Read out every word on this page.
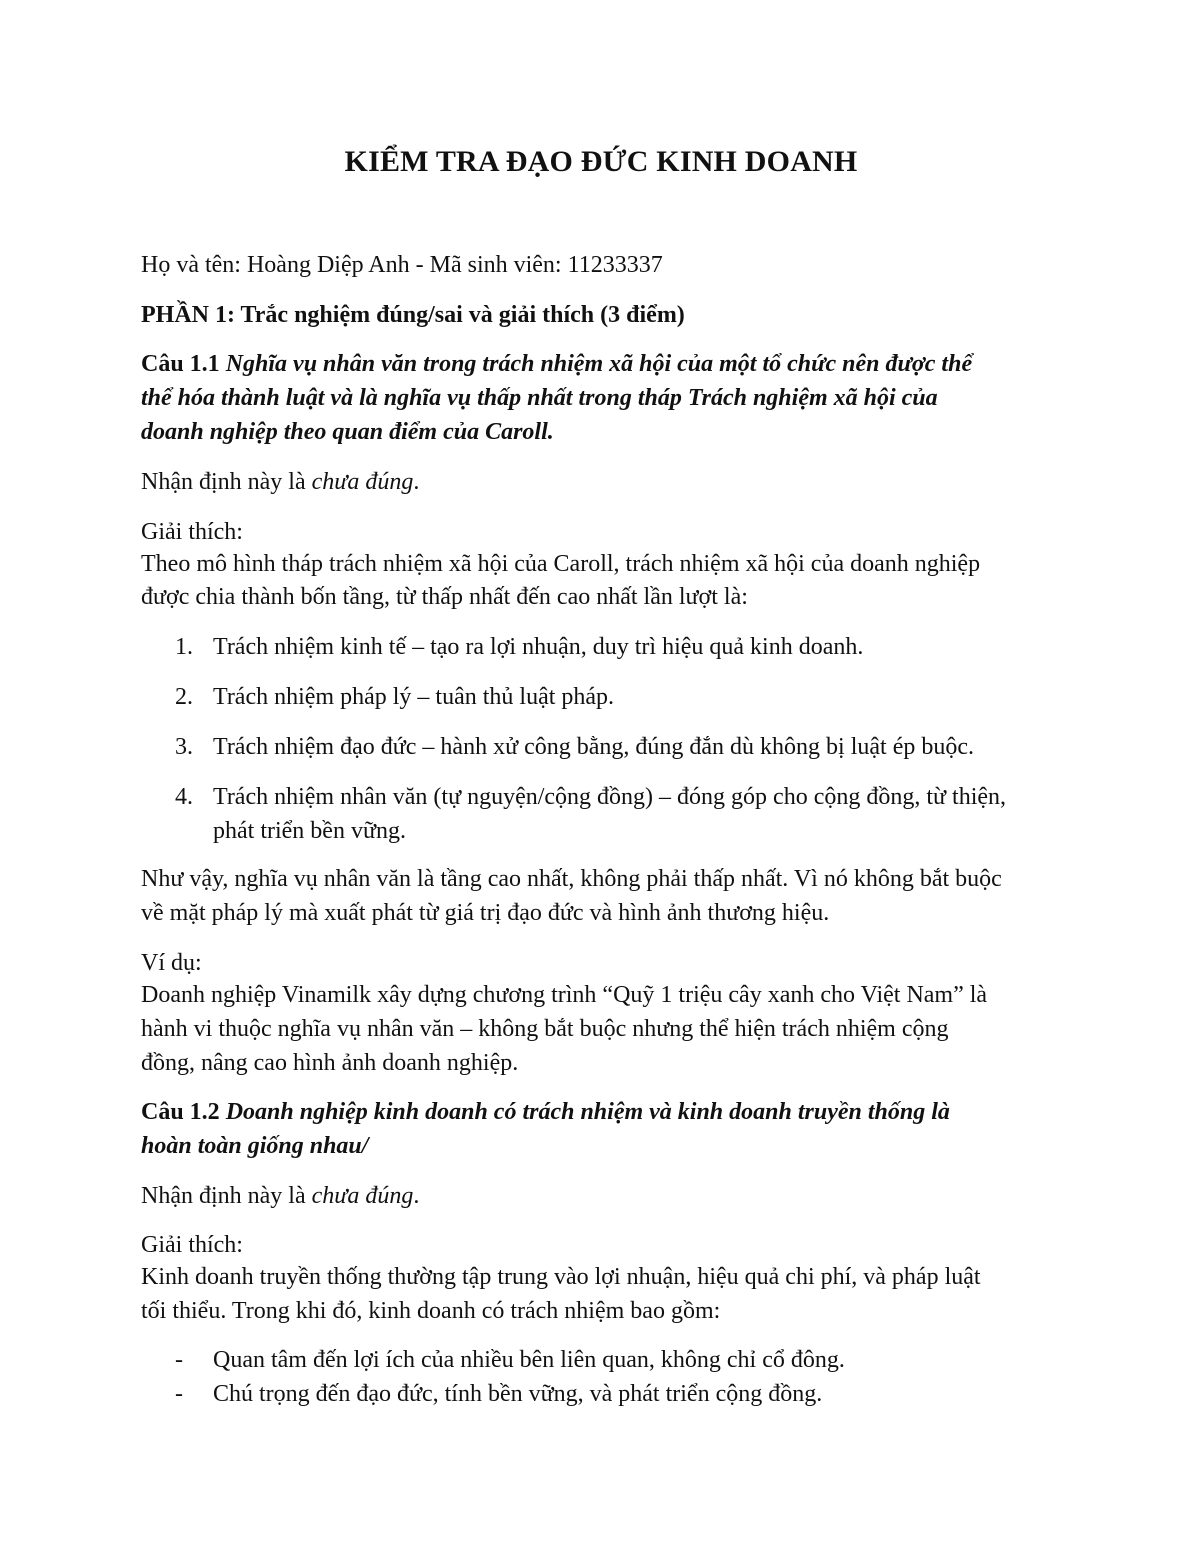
KIỂM TRA ĐẠO ĐỨC KINH DOANH
Họ và tên: Hoàng Diệp Anh - Mã sinh viên: 11233337
PHẦN 1: Trắc nghiệm đúng/sai và giải thích (3 điểm)
Câu 1.1 Nghĩa vụ nhân văn trong trách nhiệm xã hội của một tổ chức nên được thể
thể hóa thành luật và là nghĩa vụ thấp nhất trong tháp Trách nghiệm xã hội của
doanh nghiệp theo quan điểm của Caroll.
Nhận định này là chưa đúng.
Giải thích:
Theo mô hình tháp trách nhiệm xã hội của Caroll, trách nhiệm xã hội của doanh nghiệp
được chia thành bốn tầng, từ thấp nhất đến cao nhất lần lượt là:
1. Trách nhiệm kinh tế – tạo ra lợi nhuận, duy trì hiệu quả kinh doanh.
2. Trách nhiệm pháp lý – tuân thủ luật pháp.
3. Trách nhiệm đạo đức – hành xử công bằng, đúng đắn dù không bị luật ép buộc.
4. Trách nhiệm nhân văn (tự nguyện/cộng đồng) – đóng góp cho cộng đồng, từ thiện,
phát triển bền vững.
Như vậy, nghĩa vụ nhân văn là tầng cao nhất, không phải thấp nhất. Vì nó không bắt buộc
về mặt pháp lý mà xuất phát từ giá trị đạo đức và hình ảnh thương hiệu.
Ví dụ:
Doanh nghiệp Vinamilk xây dựng chương trình “Quỹ 1 triệu cây xanh cho Việt Nam” là
hành vi thuộc nghĩa vụ nhân văn – không bắt buộc nhưng thể hiện trách nhiệm cộng
đồng, nâng cao hình ảnh doanh nghiệp.
Câu 1.2 Doanh nghiệp kinh doanh có trách nhiệm và kinh doanh truyền thống là
hoàn toàn giống nhau/
Nhận định này là chưa đúng.
Giải thích:
Kinh doanh truyền thống thường tập trung vào lợi nhuận, hiệu quả chi phí, và pháp luật
tối thiểu. Trong khi đó, kinh doanh có trách nhiệm bao gồm:
- Quan tâm đến lợi ích của nhiều bên liên quan, không chỉ cổ đông.
- Chú trọng đến đạo đức, tính bền vững, và phát triển cộng đồng.
